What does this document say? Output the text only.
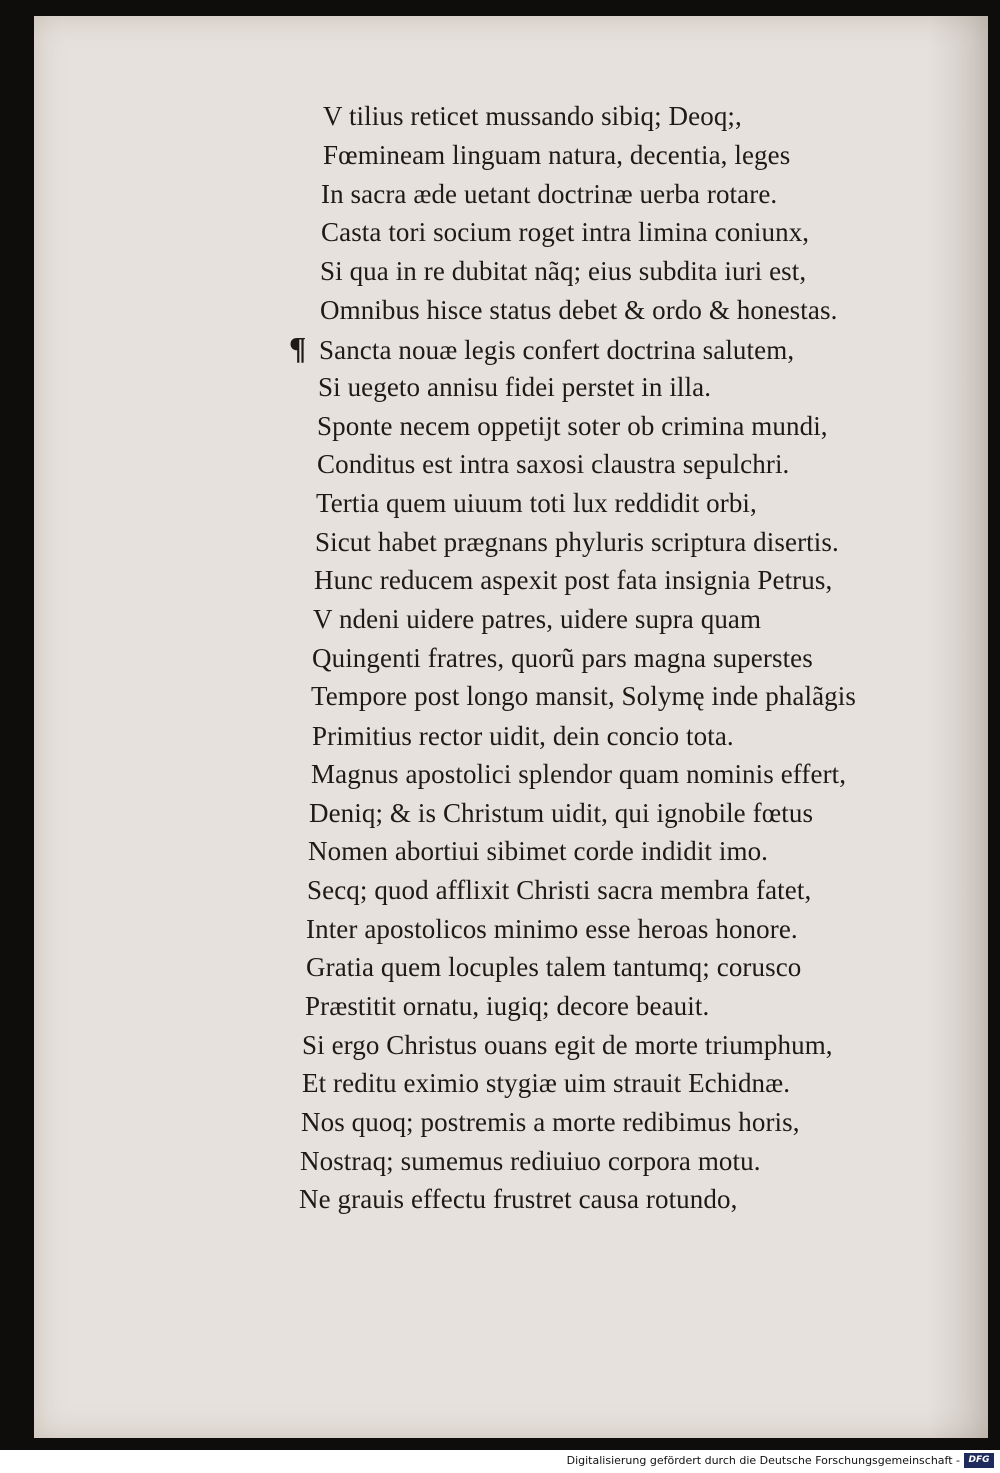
¶
V tilius reticet mussando sibiq; Deoq;,
Fœmineam linguam natura, decentia, leges
In sacra æde uetant doctrinæ uerba rotare.
Casta tori socium roget intra limina coniunx,
Si qua in re dubitat nãq; eius subdita iuri est,
Omnibus hisce status debet & ordo & honestas.
Sancta nouæ legis confert doctrina salutem,
Si uegeto annisu fidei perstet in illa.
Sponte necem oppetijt soter ob crimina mundi,
Conditus est intra saxosi claustra sepulchri.
Tertia quem uiuum toti lux reddidit orbi,
Sicut habet prægnans phyluris scriptura disertis.
Hunc reducem aspexit post fata insignia Petrus,
V ndeni uidere patres, uidere supra quam
Quingenti fratres, quorũ pars magna superstes
Tempore post longo mansit, Solymę inde phalãgis
Primitius rector uidit, dein concio tota.
Magnus apostolici splendor quam nominis effert,
Deniq; & is Christum uidit, qui ignobile fœtus
Nomen abortiui sibimet corde indidit imo.
Secq; quod afflixit Christi sacra membra fatet,
Inter apostolicos minimo esse heroas honore.
Gratia quem locuples talem tantumq; corusco
Præstitit ornatu, iugiq; decore beauit.
Si ergo Christus ouans egit de morte triumphum,
Et reditu eximio stygiæ uim strauit Echidnæ.
Nos quoq; postremis a morte redibimus horis,
Nostraq; sumemus rediuiuo corpora motu.
Ne grauis effectu frustret causa rotundo,
Digitalisierung gefördert durch die Deutsche Forschungsgemeinschaft - DFG
